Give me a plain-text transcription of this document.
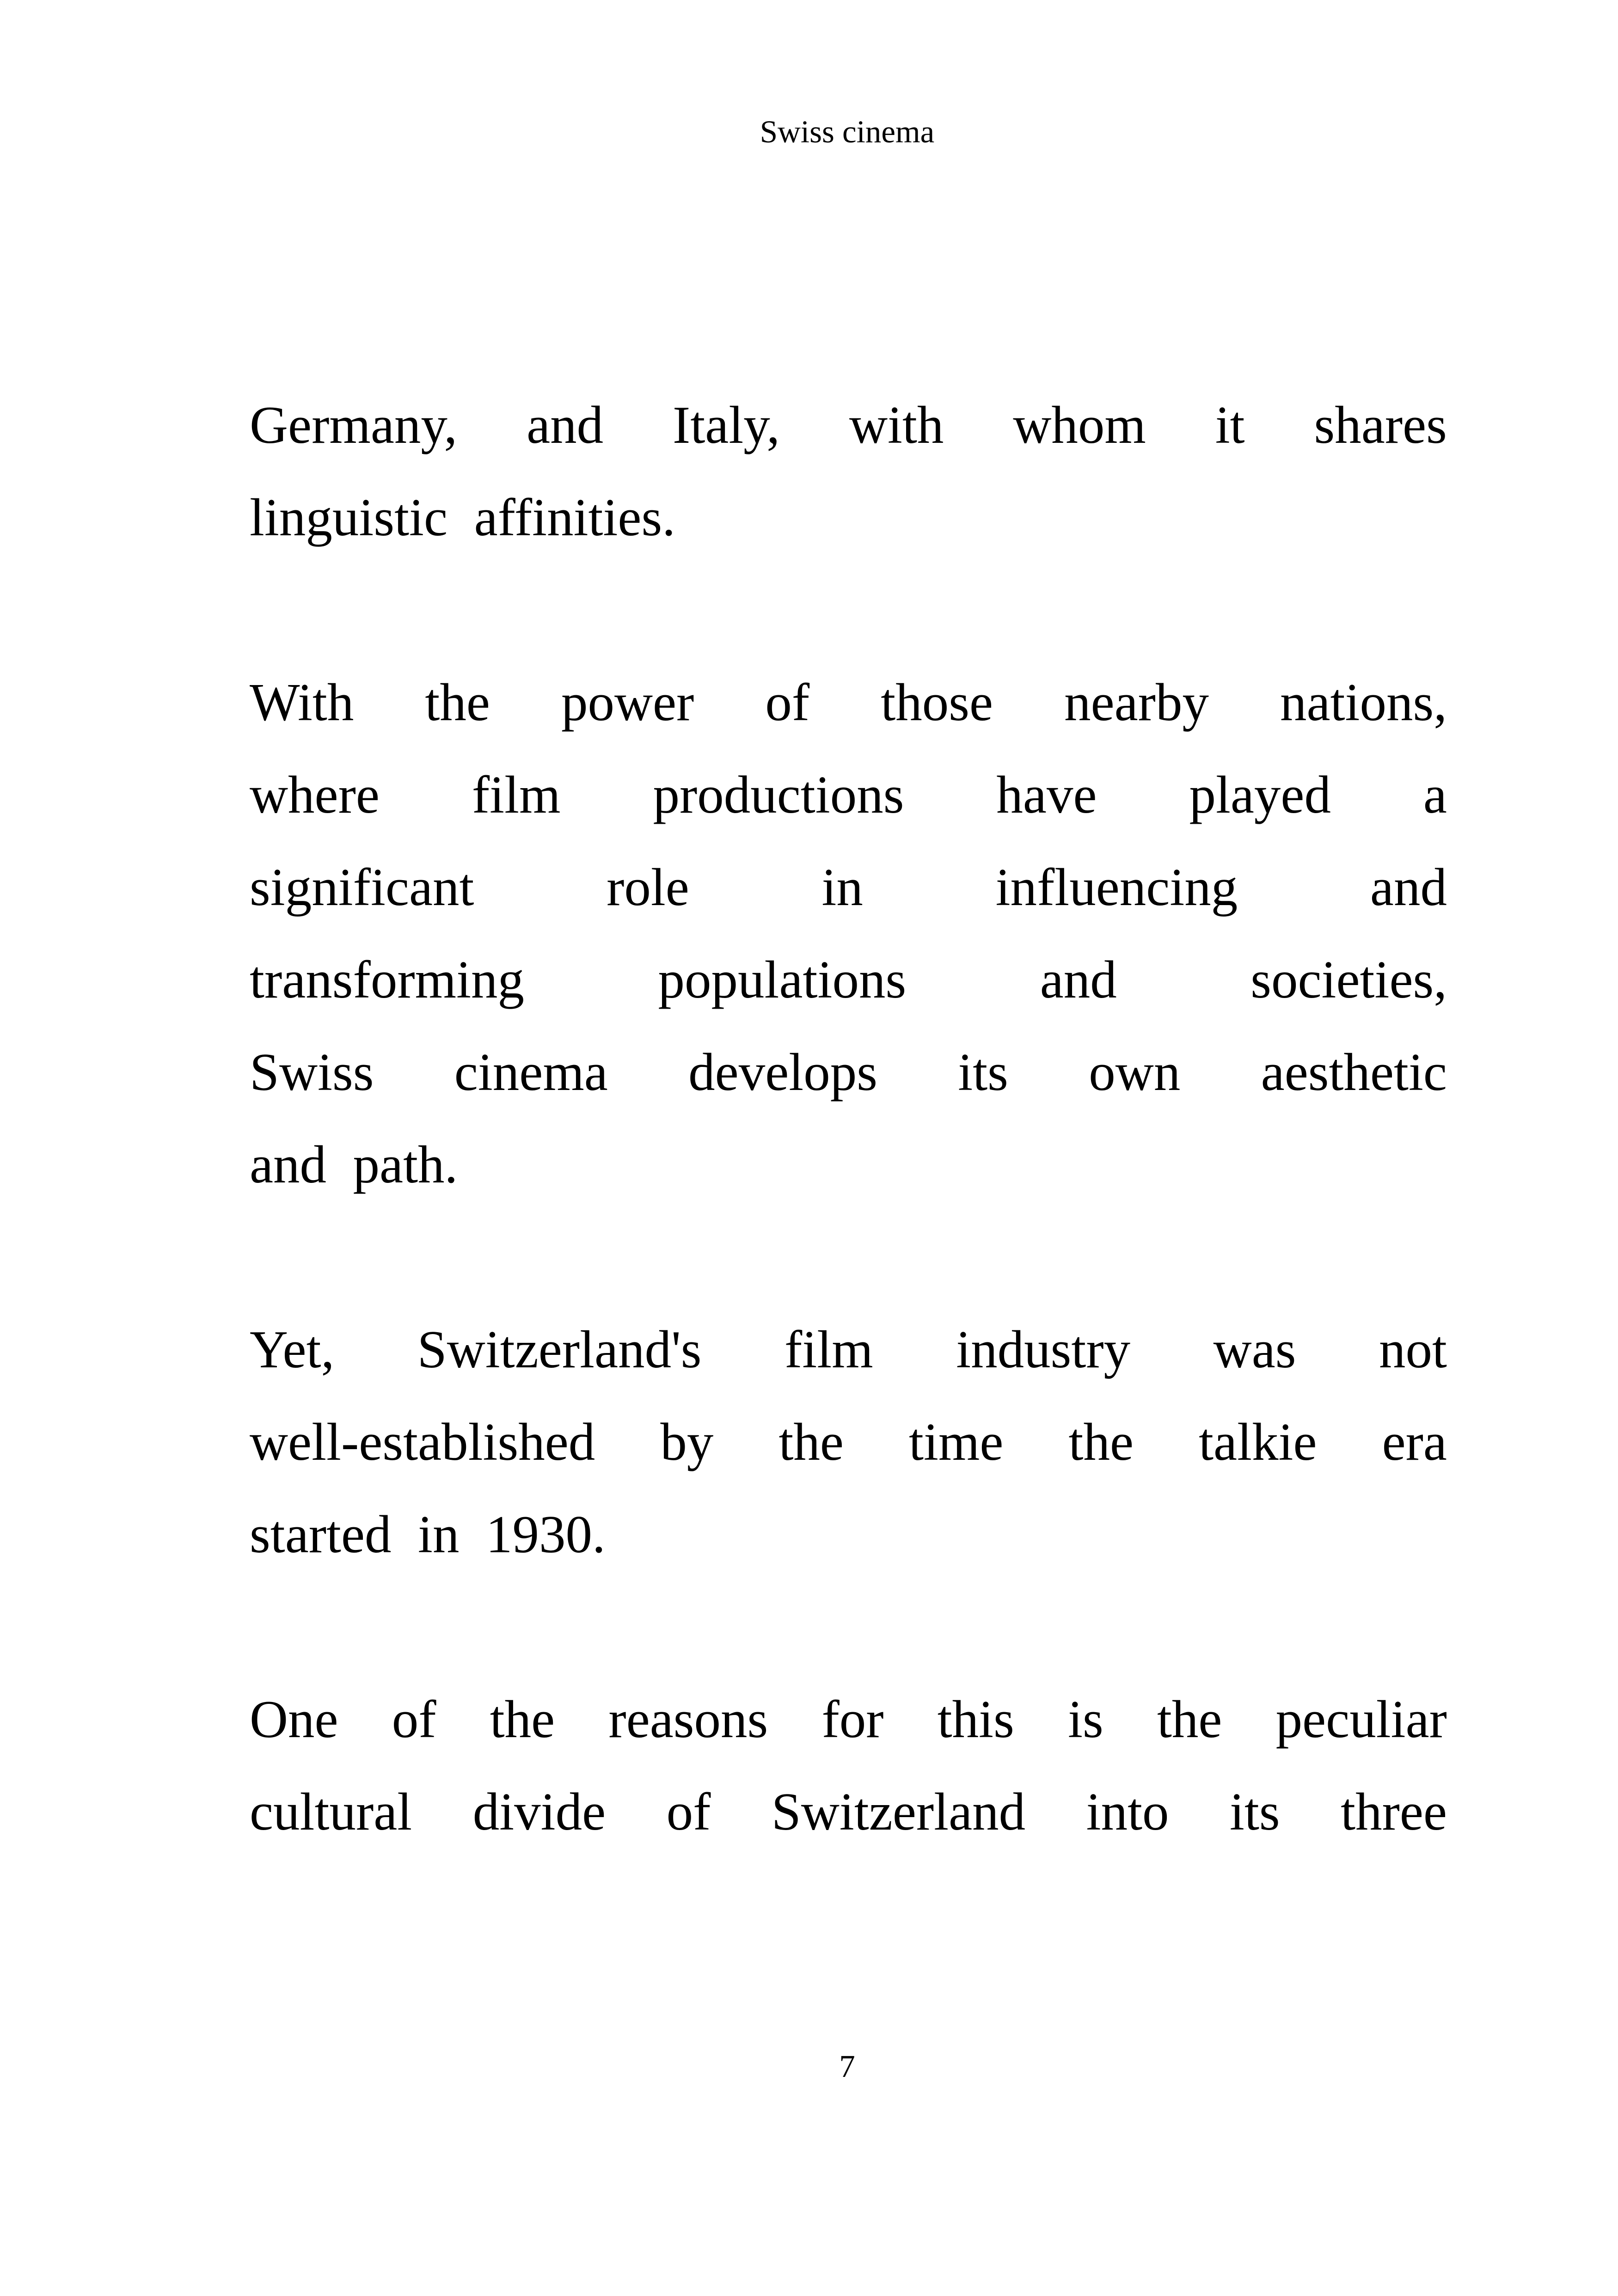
Swiss cinema
Germany, and Italy, with whom it shares
linguistic affinities.
With the power of those nearby nations,
where film productions have played a
significant role in influencing and
transforming	populations	and	societies,
Swiss cinema develops its own aesthetic
and path.
Yet, Switzerland's film industry was not
well-established by the time the talkie era
started in 1930.
One of the reasons for this is the peculiar
cultural divide of Switzerland into its three
7
